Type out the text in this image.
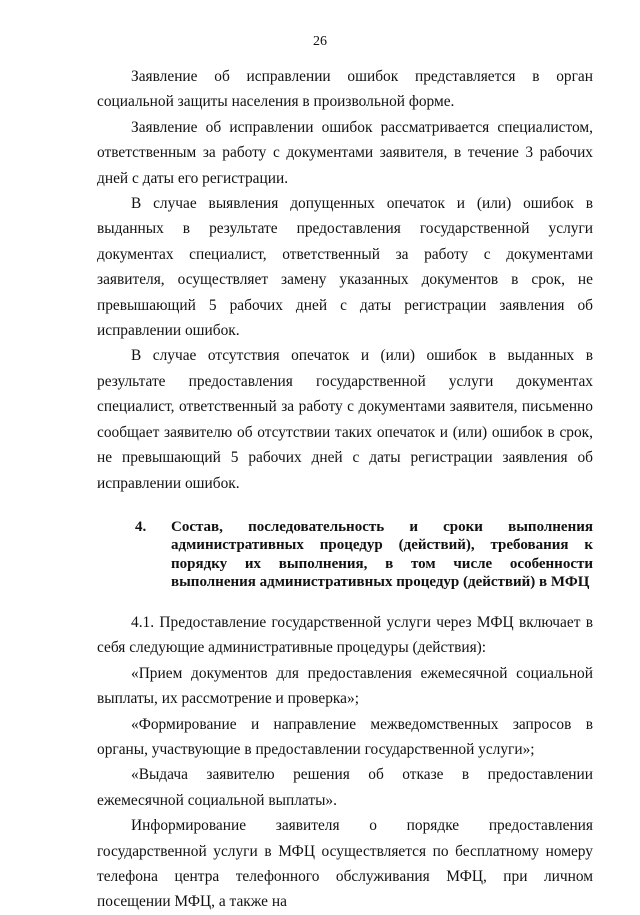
26

Заявление об исправлении ошибок представляется в орган социальной защиты населения в произвольной форме.

Заявление об исправлении ошибок рассматривается специалистом, ответственным за работу с документами заявителя, в течение 3 рабочих дней с даты его регистрации.

В случае выявления допущенных опечаток и (или) ошибок в выданных в результате предоставления государственной услуги документах специалист, ответственный за работу с документами заявителя, осуществляет замену указанных документов в срок, не превышающий 5 рабочих дней с даты регистрации заявления об исправлении ошибок.

В случае отсутствия опечаток и (или) ошибок в выданных в результате предоставления государственной услуги документах специалист, ответственный за работу с документами заявителя, письменно сообщает заявителю об отсутствии таких опечаток и (или) ошибок в срок, не превышающий 5 рабочих дней с даты регистрации заявления об исправлении ошибок.

4. Состав, последовательность и сроки выполнения административных процедур (действий), требования к порядку их выполнения, в том числе особенности выполнения административных процедур (действий) в МФЦ

4.1. Предоставление государственной услуги через МФЦ включает в себя следующие административные процедуры (действия):

«Прием документов для предоставления ежемесячной социальной выплаты, их рассмотрение и проверка»;

«Формирование и направление межведомственных запросов в органы, участвующие в предоставлении государственной услуги»;

«Выдача заявителю решения об отказе в предоставлении ежемесячной социальной выплаты».

Информирование заявителя о порядке предоставления государственной услуги в МФЦ осуществляется по бесплатному номеру телефона центра телефонного обслуживания МФЦ, при личном посещении МФЦ, а также на
